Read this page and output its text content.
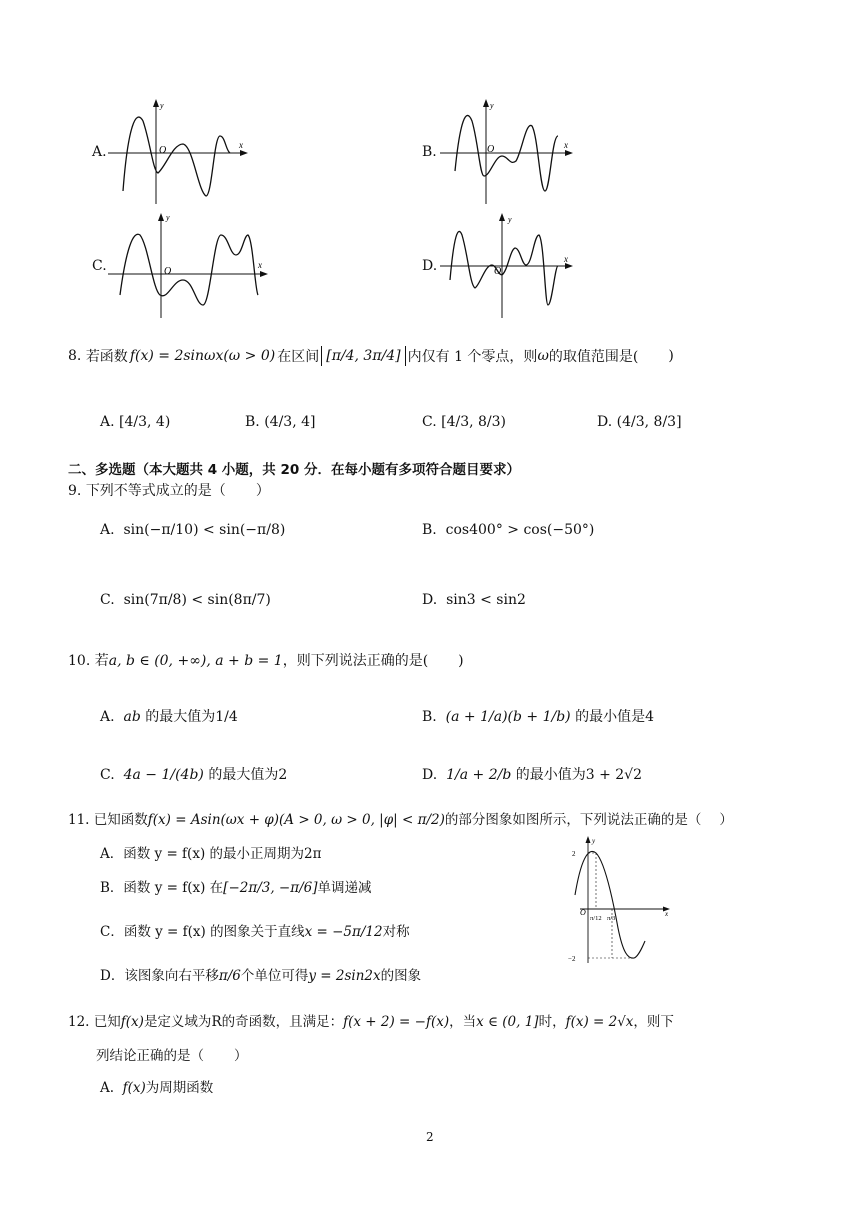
A.
y
x
O	B.
y
x
O
C.
y
x
O	D.
y
x
O
8.
若函数 f(x) = 2sinωx(ω > 0) 在区间 [π/4, 3π/4] 内仅有 1 个零点，则 ω 的取值范围是( )
A.
[4/3, 4)	B.
(4/3, 4]	C.
[4/3, 8/3)	D.
(4/3, 8/3]
二、多选题（本大题共 4 小题，共 20 分．在每小题有多项符合题目要求）
9. 下列不等式成立的是（ ）
A. sin(−π/10) < sin(−π/8)	B. cos400° > cos(−50°)
C. sin(7π/8) < sin(8π/7)	D. sin3 < sin2
10. 若a, b ∈ (0, +∞), a + b = 1，则下列说法正确的是( )
A. ab 的最大值为1/4	B. (a + 1/a)(b + 1/b) 的最小值是4
C. 4a − 1/(4b) 的最大值为2	D. 1/a + 2/b 的最小值为3 + 2√2
11. 已知函数f(x) = Asin(ωx + φ)(A > 0, ω > 0, |φ| < π/2)的部分图象如图所示，下列说法正确的是（ ）
A．函数 y = f(x) 的最小正周期为2π
B．函数 y = f(x) 在[−2π/3, −π/6]单调递减
C．函数 y = f(x) 的图象关于直线x = −5π/12对称
D．该图象向右平移π/6个单位可得y = 2sin2x的图象
y
x
2
−2
O
π/12 π/3
12. 已知f(x)是定义域为R的奇函数，且满足：f(x + 2) = −f(x)，当x ∈ (0, 1]时，f(x) = 2√x，则下
列结论正确的是（ ）
A. f(x)为周期函数
2
